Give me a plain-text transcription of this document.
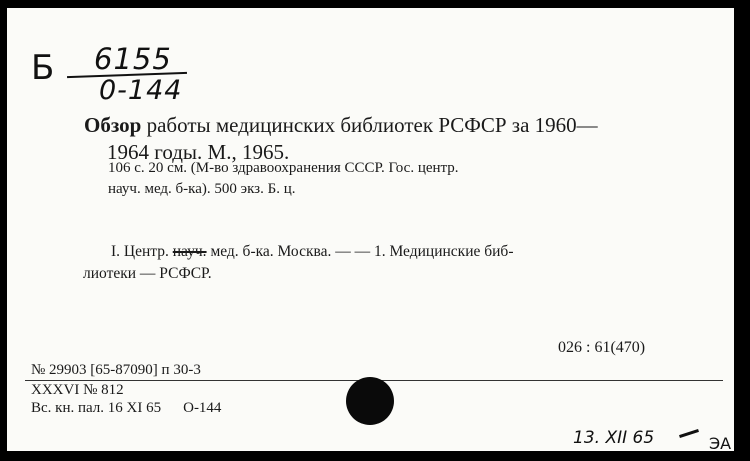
Б 6155
0-144
Обзор работы медицинских библиотек РСФСР за 1960—
1964 годы. М., 1965.
106 с. 20 см. (М-во здравоохранения СССР. Гос. центр.
науч. мед. б-ка). 500 экз. Б. ц.
I. Центр. науч. мед. б-ка. Москва. — — 1. Медицинские биб-
лиотеки — РСФСР.
026 : 61(470)
№ 29903 [65-87090] п 30-3
XXXVI № 812
Вс. кн. пал. 16 XI 65 О-144
13. XII 65	ЭА
